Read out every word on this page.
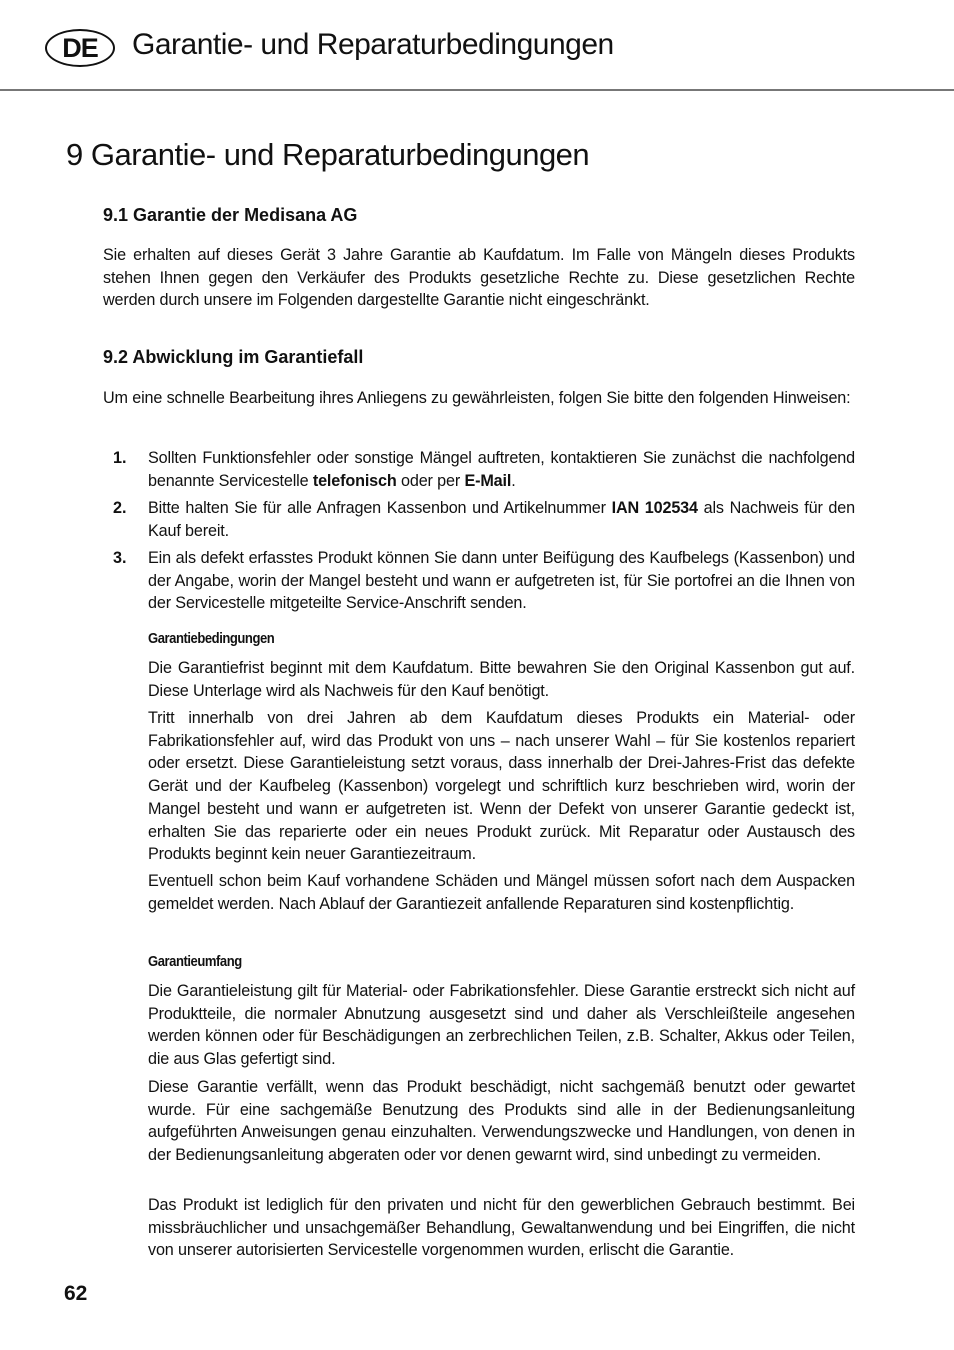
DE	Garantie- und Reparaturbedingungen
9 Garantie- und Reparaturbedingungen
9.1 Garantie der Medisana AG
Sie erhalten auf dieses Gerät 3 Jahre Garantie ab Kaufdatum. Im Falle von Mängeln dieses Produkts stehen Ihnen gegen den Verkäufer des Produkts gesetzliche Rechte zu. Diese gesetzlichen Rechte werden durch unsere im Folgenden dargestellte Garantie nicht eingeschränkt.
9.2 Abwicklung im Garantiefall
Um eine schnelle Bearbeitung ihres Anliegens zu gewährleisten, folgen Sie bitte den folgenden Hinweisen:
1. Sollten Funktionsfehler oder sonstige Mängel auftreten, kontaktieren Sie zunächst die nachfolgend benannte Servicestelle telefonisch oder per E-Mail.
2. Bitte halten Sie für alle Anfragen Kassenbon und Artikelnummer IAN 102534 als Nachweis für den Kauf bereit.
3. Ein als defekt erfasstes Produkt können Sie dann unter Beifügung des Kaufbelegs (Kassenbon) und der Angabe, worin der Mangel besteht und wann er aufgetreten ist, für Sie portofrei an die Ihnen von der Servicestelle mitgeteilte Service-Anschrift senden.
Garantiebedingungen
Die Garantiefrist beginnt mit dem Kaufdatum. Bitte bewahren Sie den Original Kassenbon gut auf. Diese Unterlage wird als Nachweis für den Kauf benötigt.
Tritt innerhalb von drei Jahren ab dem Kaufdatum dieses Produkts ein Material- oder Fabrikationsfehler auf, wird das Produkt von uns – nach unserer Wahl – für Sie kostenlos repariert oder ersetzt. Diese Garantieleistung setzt voraus, dass innerhalb der Drei-Jahres-Frist das defekte Gerät und der Kaufbeleg (Kassenbon) vorgelegt und schriftlich kurz beschrieben wird, worin der Mangel besteht und wann er aufgetreten ist. Wenn der Defekt von unserer Garantie gedeckt ist, erhalten Sie das reparierte oder ein neues Produkt zurück. Mit Reparatur oder Austausch des Produkts beginnt kein neuer Garantiezeitraum.
Eventuell schon beim Kauf vorhandene Schäden und Mängel müssen sofort nach dem Auspacken gemeldet werden. Nach Ablauf der Garantiezeit anfallende Reparaturen sind kostenpflichtig.
Garantieumfang
Die Garantieleistung gilt für Material- oder Fabrikationsfehler. Diese Garantie erstreckt sich nicht auf Produktteile, die normaler Abnutzung ausgesetzt sind und daher als Verschleißteile angesehen werden können oder für Beschädigungen an zerbrechlichen Teilen, z.B. Schalter, Akkus oder Teilen, die aus Glas gefertigt sind.
Diese Garantie verfällt, wenn das Produkt beschädigt, nicht sachgemäß benutzt oder gewartet wurde. Für eine sachgemäße Benutzung des Produkts sind alle in der Bedienungsanleitung aufgeführten Anweisungen genau einzuhalten. Verwendungszwecke und Handlungen, von denen in der Bedienungsanleitung abgeraten oder vor denen gewarnt wird, sind unbedingt zu vermeiden.
Das Produkt ist lediglich für den privaten und nicht für den gewerblichen Gebrauch bestimmt. Bei missbräuchlicher und unsachgemäßer Behandlung, Gewaltanwendung und bei Eingriffen, die nicht von unserer autorisierten Servicestelle vorgenommen wurden, erlischt die Garantie.
62
